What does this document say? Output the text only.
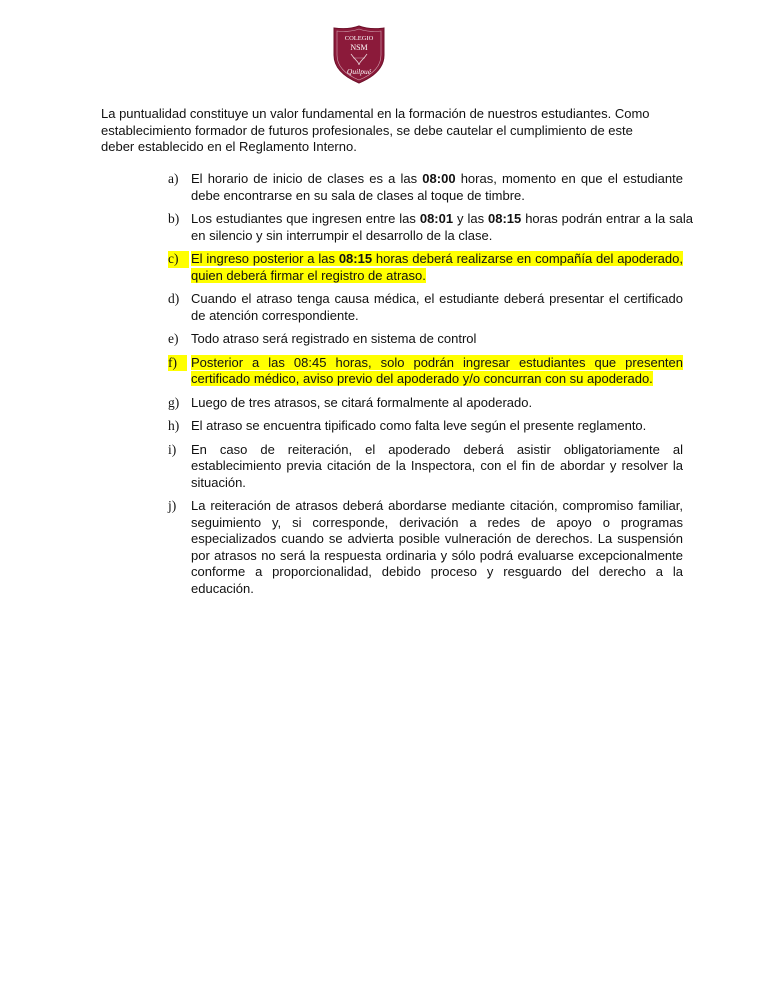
COLEGIO
NSM
Quilpué

La puntualidad constituye un valor fundamental en la formación de nuestros estudiantes. Como establecimiento formador de futuros profesionales, se debe cautelar el cumplimiento de este deber establecido en el Reglamento Interno.

a) El horario de inicio de clases es a las 08:00 horas, momento en que el estudiante debe encontrarse en su sala de clases al toque de timbre.
b) Los estudiantes que ingresen entre las 08:01 y las 08:15 horas podrán entrar a la sala en silencio y sin interrumpir el desarrollo de la clase.
c) El ingreso posterior a las 08:15 horas deberá realizarse en compañía del apoderado, quien deberá firmar el registro de atraso.
d) Cuando el atraso tenga causa médica, el estudiante deberá presentar el certificado de atención correspondiente.
e) Todo atraso será registrado en sistema de control
f)	Posterior a las 08:45 horas, solo podrán ingresar estudiantes que presenten certificado médico, aviso previo del apoderado y/o concurran con su apoderado.
g) Luego de tres atrasos, se citará formalmente al apoderado.
h) El atraso se encuentra tipificado como falta leve según el presente reglamento.
i) En caso de reiteración, el apoderado deberá asistir obligatoriamente al establecimiento previa citación de la Inspectora, con el fin de abordar y resolver la situación.
j) La reiteración de atrasos deberá abordarse mediante citación, compromiso familiar, seguimiento y, si corresponde, derivación a redes de apoyo o programas especializados cuando se advierta posible vulneración de derechos. La suspensión por atrasos no será la respuesta ordinaria y sólo podrá evaluarse excepcionalmente conforme a proporcionalidad, debido proceso y resguardo del derecho a la educación.
